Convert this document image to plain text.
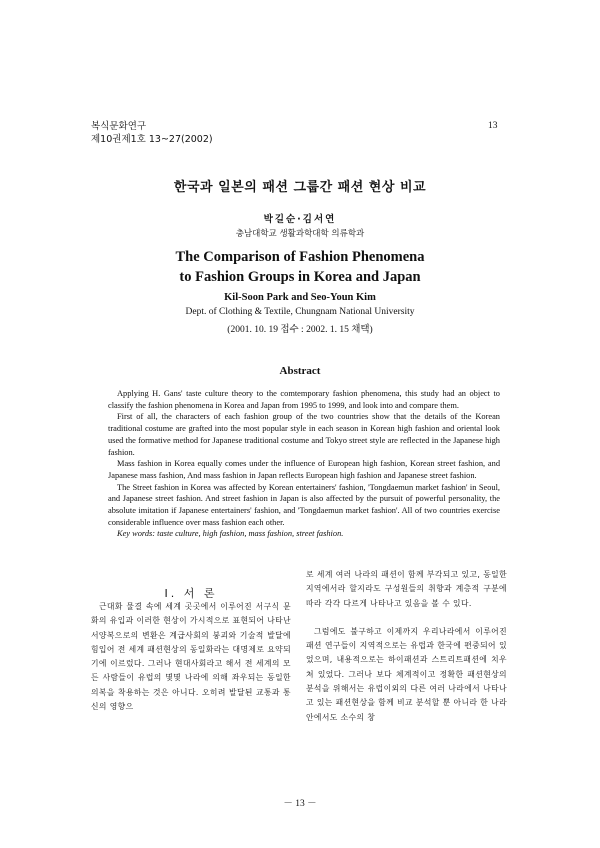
복식문화연구
제10권제1호 13~27(2002)
13
한국과 일본의 패션 그룹간 패션 현상 비교
박길순·김서연
충남대학교 생활과학대학 의류학과
The Comparison of Fashion Phenomena
to Fashion Groups in Korea and Japan
Kil-Soon Park and Seo-Youn Kim
Dept. of Clothing & Textile, Chungnam National University
(2001. 10. 19 접수 : 2002. 1. 15 채택)
Abstract

Applying H. Gans' taste culture theory to the comtemporary fashion phenomena, this study had an object to classify the fashion phenomena in Korea and Japan from 1995 to 1999, and look into and compare them.

First of all, the characters of each fashion group of the two countries show that the details of the Korean traditional costume are grafted into the most popular style in each season in Korean high fashion and oriental look used the formative method for Japanese traditional costume and Tokyo street style are reflected in the Japanese high fashion.

Mass fashion in Korea equally comes under the influence of European high fashion, Korean street fashion, and Japanese mass fashion, And mass fashion in Japan reflects European high fashion and Japanese street fashion.

The Street fashion in Korea was affected by Korean entertainers' fashion, 'Tongdaemun market fashion' in Seoul, and Japanese street fashion. And street fashion in Japan is also affected by the pursuit of powerful personality, the absolute imitation if Japanese entertainers' fashion, and 'Tongdaemun market fashion'. All of two countries exercise considerable influence over mass fashion each other.

Key words: taste culture, high fashion, mass fashion, street fashion.

Ⅰ. 서 론

근대화 물결 속에 세계 곳곳에서 이루어진 서구식 문화의 유입과 이러한 현상이 가시적으로 표현되어 나타난 서양복으로의 변환은 계급사회의 붕괴와 기술적 발달에 힘입어 전 세계 패션현상의 동일화라는 대명제로 요약되기에 이르렀다. 그러나 현대사회라고 해서 전 세계의 모든 사람들이 유럽의 몇몇 나라에 의해 좌우되는 동일한 의복을 착용하는 것은 아니다. 오히려 발달된 교통과 통신의 영향으

로 세계 여러 나라의 패션이 함께 부각되고 있고, 동일한 지역에서라 할지라도 구성원들의 취향과 계층적 구분에 따라 각각 다르게 나타나고 있음을 볼 수 있다.

그럼에도 불구하고 이제까지 우리나라에서 이루어진 패션 연구들이 지역적으로는 유럽과 한국에 편중되어 있었으며, 내용적으로는 하이패션과 스트리트패션에 치우쳐 있었다. 그러나 보다 체계적이고 정확한 패션현상의 분석을 위해서는 유럽이외의 다른 여러 나라에서 나타나고 있는 패션현상을 함께 비교 분석할 뿐 아니라 한 나라안에서도 소수의 창

－ 13 －
